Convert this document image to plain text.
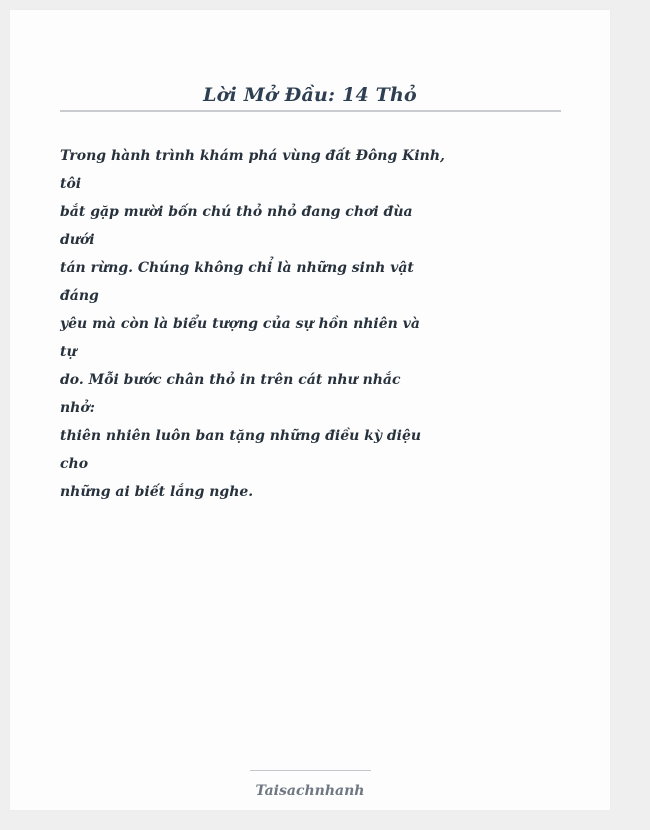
Lời Mở Đầu: 14 Thỏ
Trong hành trình khám phá vùng đất Đông Kinh,
tôi
bắt gặp mười bốn chú thỏ nhỏ đang chơi đùa
dưới
tán rừng. Chúng không chỉ là những sinh vật
đáng
yêu mà còn là biểu tượng của sự hồn nhiên và
tự
do. Mỗi bước chân thỏ in trên cát như nhắc
nhở:
thiên nhiên luôn ban tặng những điều kỳ diệu
cho
những ai biết lắng nghe.
Taisachnhanh
